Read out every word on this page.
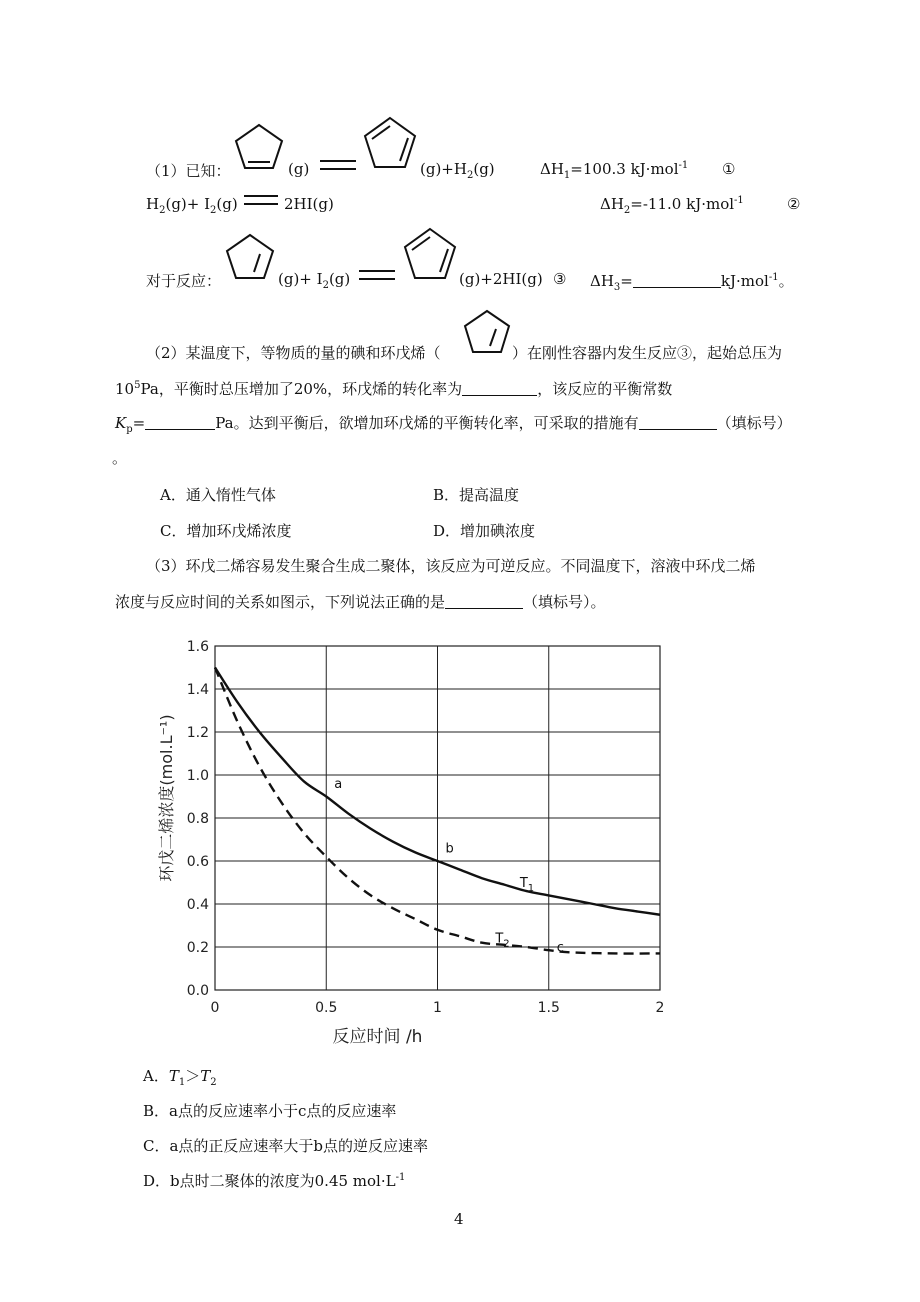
（1）已知：	(g)	$(g)+H_2(g)$	$\Delta H_1=100.3$ kJ·mol$^{-1}$ ①
$H_2(g)+ I_2(g)$	2HI(g)	$\Delta H_2=-11.0$ kJ·mol$^{-1}$	②
对于反应：	$(g)+ I_2(g)$	(g)+2HI(g) ③ $\Delta H_3=$	kJ·mol$^{-1}$。
（2）某温度下，等物质的量的碘和环戊烯（	）在刚性容器内发生反应③，起始总压为
$10^5Pa$，平衡时总压增加了20%，环戊烯的转化率为	，该反应的平衡常数
$K_p=$	Pa。达到平衡后，欲增加环戊烯的平衡转化率，可采取的措施有	（填标号）
。
A．通入惰性气体	B．提高温度
C．增加环戊烯浓度	D．增加碘浓度
（3）环戊二烯容易发生聚合生成二聚体，该反应为可逆反应。不同温度下，溶液中环戊二烯
浓度与反应时间的关系如图示，下列说法正确的是	（填标号）。
0	0.5	1	1.5	2
0.0
0.2
0.4
0.6
0.8
1.0
1.2
1.4
1.6
反应时间 /h
环戊二烯浓度(mol.L⁻¹)	a
b
c
$T_1$
$T_2$
A．$T_1>T_2$
B．a点的反应速率小于c点的反应速率
C．a点的正反应速率大于b点的逆反应速率
D．b点时二聚体的浓度为0.45 $mol\cdot L^{-1}$
4
